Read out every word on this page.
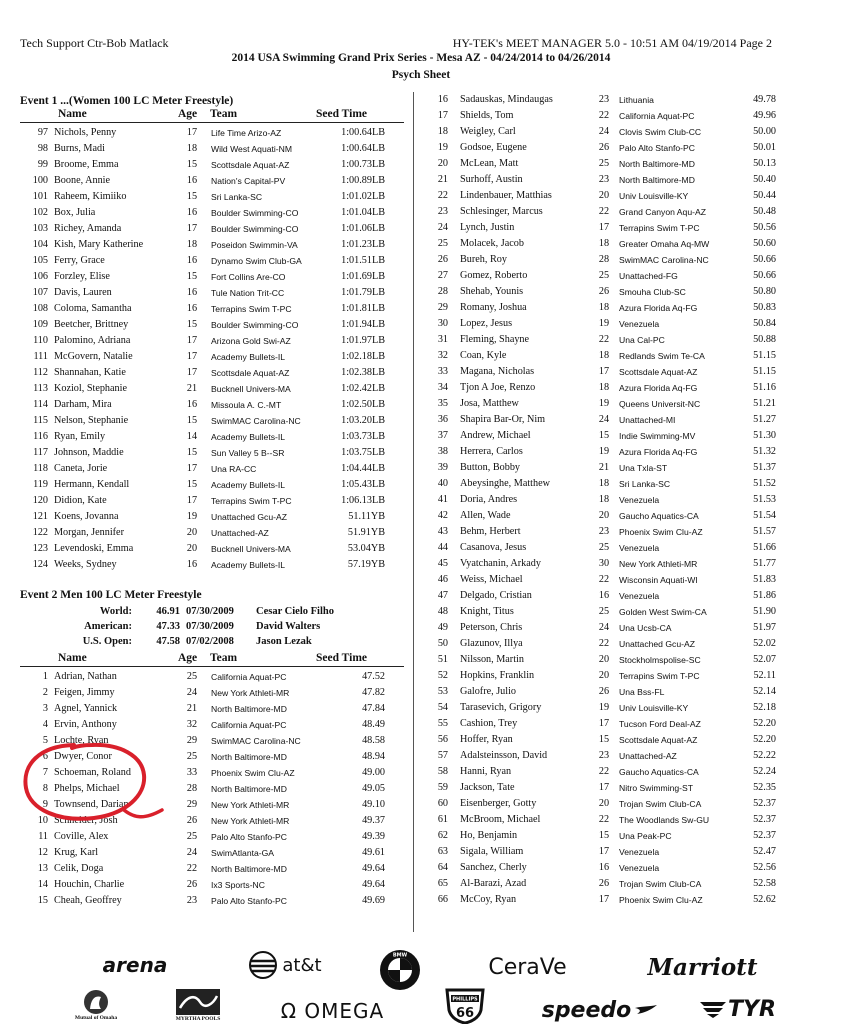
Tech Support Ctr-Bob Matlack	HY-TEK's MEET MANAGER 5.0 - 10:51 AM 04/19/2014 Page 2
2014 USA Swimming Grand Prix Series - Mesa AZ - 04/24/2014 to 04/26/2014
Psych Sheet
Event 1 ...(Women 100 LC Meter Freestyle)
Name	Age Team	Seed Time
97 Nichols, Penny	17	Life Time Arizo-AZ	1:00.64LB
98 Burns, Madi	18	Wild West Aquati-NM	1:00.64LB
99 Broome, Emma	15	Scottsdale Aquat-AZ	1:00.73LB
100 Boone, Annie	16	Nation's Capital-PV	1:00.89LB
101 Raheem, Kimiiko	15	Sri Lanka-SC	1:01.02LB
102 Box, Julia	16	Boulder Swimming-CO	1:01.04LB
103 Richey, Amanda	17	Boulder Swimming-CO	1:01.06LB
104 Kish, Mary Katherine	18	Poseidon Swimmin-VA	1:01.23LB
105 Ferry, Grace	16	Dynamo Swim Club-GA	1:01.51LB
106 Forzley, Elise	15	Fort Collins Are-CO	1:01.69LB
107 Davis, Lauren	16	Tule Nation Trit-CC	1:01.79LB
108 Coloma, Samantha	16	Terrapins Swim T-PC	1:01.81LB
109 Beetcher, Brittney	15	Boulder Swimming-CO	1:01.94LB
110 Palomino, Adriana	17	Arizona Gold Swi-AZ	1:01.97LB
111 McGovern, Natalie	17	Academy Bullets-IL	1:02.18LB
112 Shannahan, Katie	17	Scottsdale Aquat-AZ	1:02.38LB
113 Koziol, Stephanie	21	Bucknell Univers-MA	1:02.42LB
114 Darham, Mira	16	Missoula A. C.-MT	1:02.50LB
115 Nelson, Stephanie	15	SwimMAC Carolina-NC	1:03.20LB
116 Ryan, Emily	14	Academy Bullets-IL	1:03.73LB
117 Johnson, Maddie	15	Sun Valley 5 B--SR	1:03.75LB
118 Caneta, Jorie	17	Una RA-CC	1:04.44LB
119 Hermann, Kendall	15	Academy Bullets-IL	1:05.43LB
120 Didion, Kate	17	Terrapins Swim T-PC	1:06.13LB
121 Koens, Jovanna	19	Unattached Gcu-AZ	51.11YB
122 Morgan, Jennifer	20	Unattached-AZ	51.91YB
123 Levendoski, Emma	20	Bucknell Univers-MA	53.04YB
124 Weeks, Sydney	16	Academy Bullets-IL	57.19YB
Event 2 Men 100 LC Meter Freestyle
World: 46.91 07/30/2009 Cesar Cielo Filho
American: 47.33 07/30/2009 David Walters
U.S. Open: 47.58 07/02/2008 Jason Lezak
Name	Age Team	Seed Time
1 Adrian, Nathan	25	California Aquat-PC	47.52
2 Feigen, Jimmy	24	New York Athleti-MR	47.82
3 Agnel, Yannick	21	North Baltimore-MD	47.84
4 Ervin, Anthony	32	California Aquat-PC	48.49
5 Lochte, Ryan	29	SwimMAC Carolina-NC	48.58
6 Dwyer, Conor	25	North Baltimore-MD	48.94
7 Schoeman, Roland	33	Phoenix Swim Clu-AZ	49.00
8 Phelps, Michael	28	North Baltimore-MD	49.05
9 Townsend, Darian	29	New York Athleti-MR	49.10
10 Schneider, Josh	26	New York Athleti-MR	49.37
11 Coville, Alex	25	Palo Alto Stanfo-PC	49.39
12 Krug, Karl	24	SwimAtlanta-GA	49.61
13 Celik, Doga	22	North Baltimore-MD	49.64
14 Houchin, Charlie	26	Ix3 Sports-NC	49.64
15 Cheah, Geoffrey	23	Palo Alto Stanfo-PC	49.69
16 Sadauskas, Mindaugas	23	Lithuania	49.78
17 Shields, Tom	22	California Aquat-PC	49.96
18 Weigley, Carl	24	Clovis Swim Club-CC	50.00
19 Godsoe, Eugene	26	Palo Alto Stanfo-PC	50.01
20 McLean, Matt	25	North Baltimore-MD	50.13
21 Surhoff, Austin	23	North Baltimore-MD	50.40
22 Lindenbauer, Matthias	20	Univ Louisville-KY	50.44
23 Schlesinger, Marcus	22	Grand Canyon Aqu-AZ	50.48
24 Lynch, Justin	17	Terrapins Swim T-PC	50.56
25 Molacek, Jacob	18	Greater Omaha Aq-MW	50.60
26 Bureh, Roy	28	SwimMAC Carolina-NC	50.66
27 Gomez, Roberto	25	Unattached-FG	50.66
28 Shehab, Younis	26	Smouha Club-SC	50.80
29 Romany, Joshua	18	Azura Florida Aq-FG	50.83
30 Lopez, Jesus	19	Venezuela	50.84
31 Fleming, Shayne	22	Una Cal-PC	50.88
32 Coan, Kyle	18	Redlands Swim Te-CA	51.15
33 Magana, Nicholas	17	Scottsdale Aquat-AZ	51.15
34 Tjon A Joe, Renzo	18	Azura Florida Aq-FG	51.16
35 Josa, Matthew	19	Queens Universit-NC	51.21
36 Shapira Bar-Or, Nim	24	Unattached-MI	51.27
37 Andrew, Michael	15	Indie Swimming-MV	51.30
38 Herrera, Carlos	19	Azura Florida Aq-FG	51.32
39 Button, Bobby	21	Una Txla-ST	51.37
40 Abeysinghe, Matthew	18	Sri Lanka-SC	51.52
41 Doria, Andres	18	Venezuela	51.53
42 Allen, Wade	20	Gaucho Aquatics-CA	51.54
43 Behm, Herbert	23	Phoenix Swim Clu-AZ	51.57
44 Casanova, Jesus	25	Venezuela	51.66
45 Vyatchanin, Arkady	30	New York Athleti-MR	51.77
46 Weiss, Michael	22	Wisconsin Aquati-WI	51.83
47 Delgado, Cristian	16	Venezuela	51.86
48 Knight, Titus	25	Golden West Swim-CA	51.90
49 Peterson, Chris	24	Una Ucsb-CA	51.97
50 Glazunov, Illya	22	Unattached Gcu-AZ	52.02
51 Nilsson, Martin	20	Stockholmspolise-SC	52.07
52 Hopkins, Franklin	20	Terrapins Swim T-PC	52.11
53 Galofre, Julio	26	Una Bss-FL	52.14
54 Tarasevich, Grigory	19	Univ Louisville-KY	52.18
55 Cashion, Trey	17	Tucson Ford Deal-AZ	52.20
56 Hoffer, Ryan	15	Scottsdale Aquat-AZ	52.20
57 Adalsteinsson, David	23	Unattached-AZ	52.22
58 Hanni, Ryan	22	Gaucho Aquatics-CA	52.24
59 Jackson, Tate	17	Nitro Swimming-ST	52.35
60 Eisenberger, Gotty	20	Trojan Swim Club-CA	52.37
61 McBroom, Michael	22	The Woodlands Sw-GU	52.37
62 Ho, Benjamin	15	Una Peak-PC	52.37
63 Sigala, William	17	Venezuela	52.47
64 Sanchez, Cherly	16	Venezuela	52.56
65 Al-Barazi, Azad	26	Trojan Swim Club-CA	52.58
66 McCoy, Ryan	17	Phoenix Swim Clu-AZ	52.62
arena	at&t	BMW	CeraVe	Marriott
Mutual of Omaha	MYRTHA POOLS	Ω OMEGA	PHILLIPS
66	speedo	TYR
